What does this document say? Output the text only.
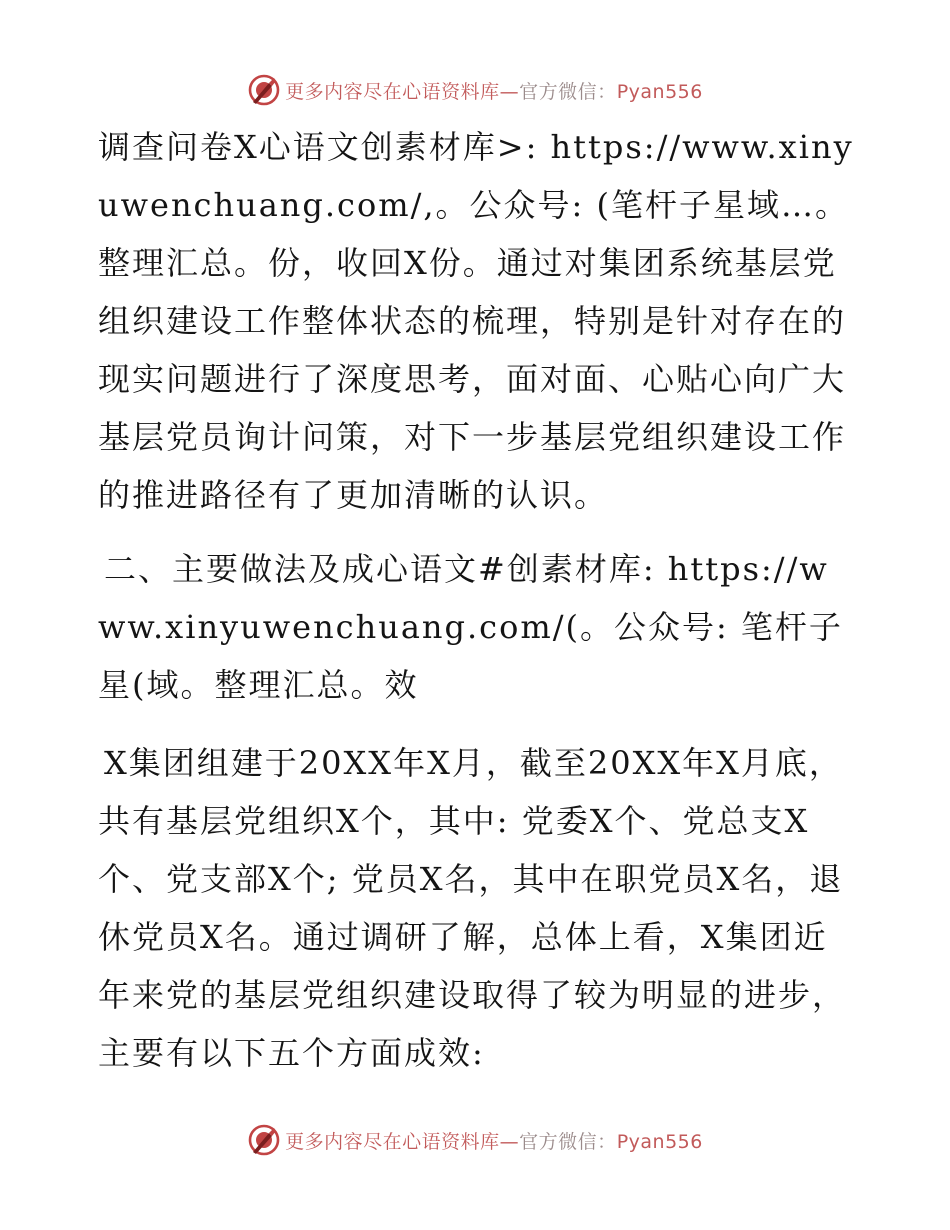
更多内容尽在心语资料库—官方微信：Pyan556

调查问卷X心语文创素材库>: https://www.xinyuwenchuang.com/,。公众号: (笔杆子星域…。整理汇总。份，收回X份。通过对集团系统基层党组织建设工作整体状态的梳理，特别是针对存在的现实问题进行了深度思考，面对面、心贴心向广大基层党员询计问策，对下一步基层党组织建设工作的推进路径有了更加清晰的认识。

二、主要做法及成心语文#创素材库: https://www.xinyuwenchuang.com/(。公众号: 笔杆子星(域。整理汇总。效

X集团组建于20XX年X月，截至20XX年X月底，共有基层党组织X个，其中: 党委X个、党总支X个、党支部X个; 党员X名，其中在职党员X名，退休党员X名。通过调研了解，总体上看，X集团近年来党的基层党组织建设取得了较为明显的进步，主要有以下五个方面成效:

更多内容尽在心语资料库—官方微信：Pyan556
